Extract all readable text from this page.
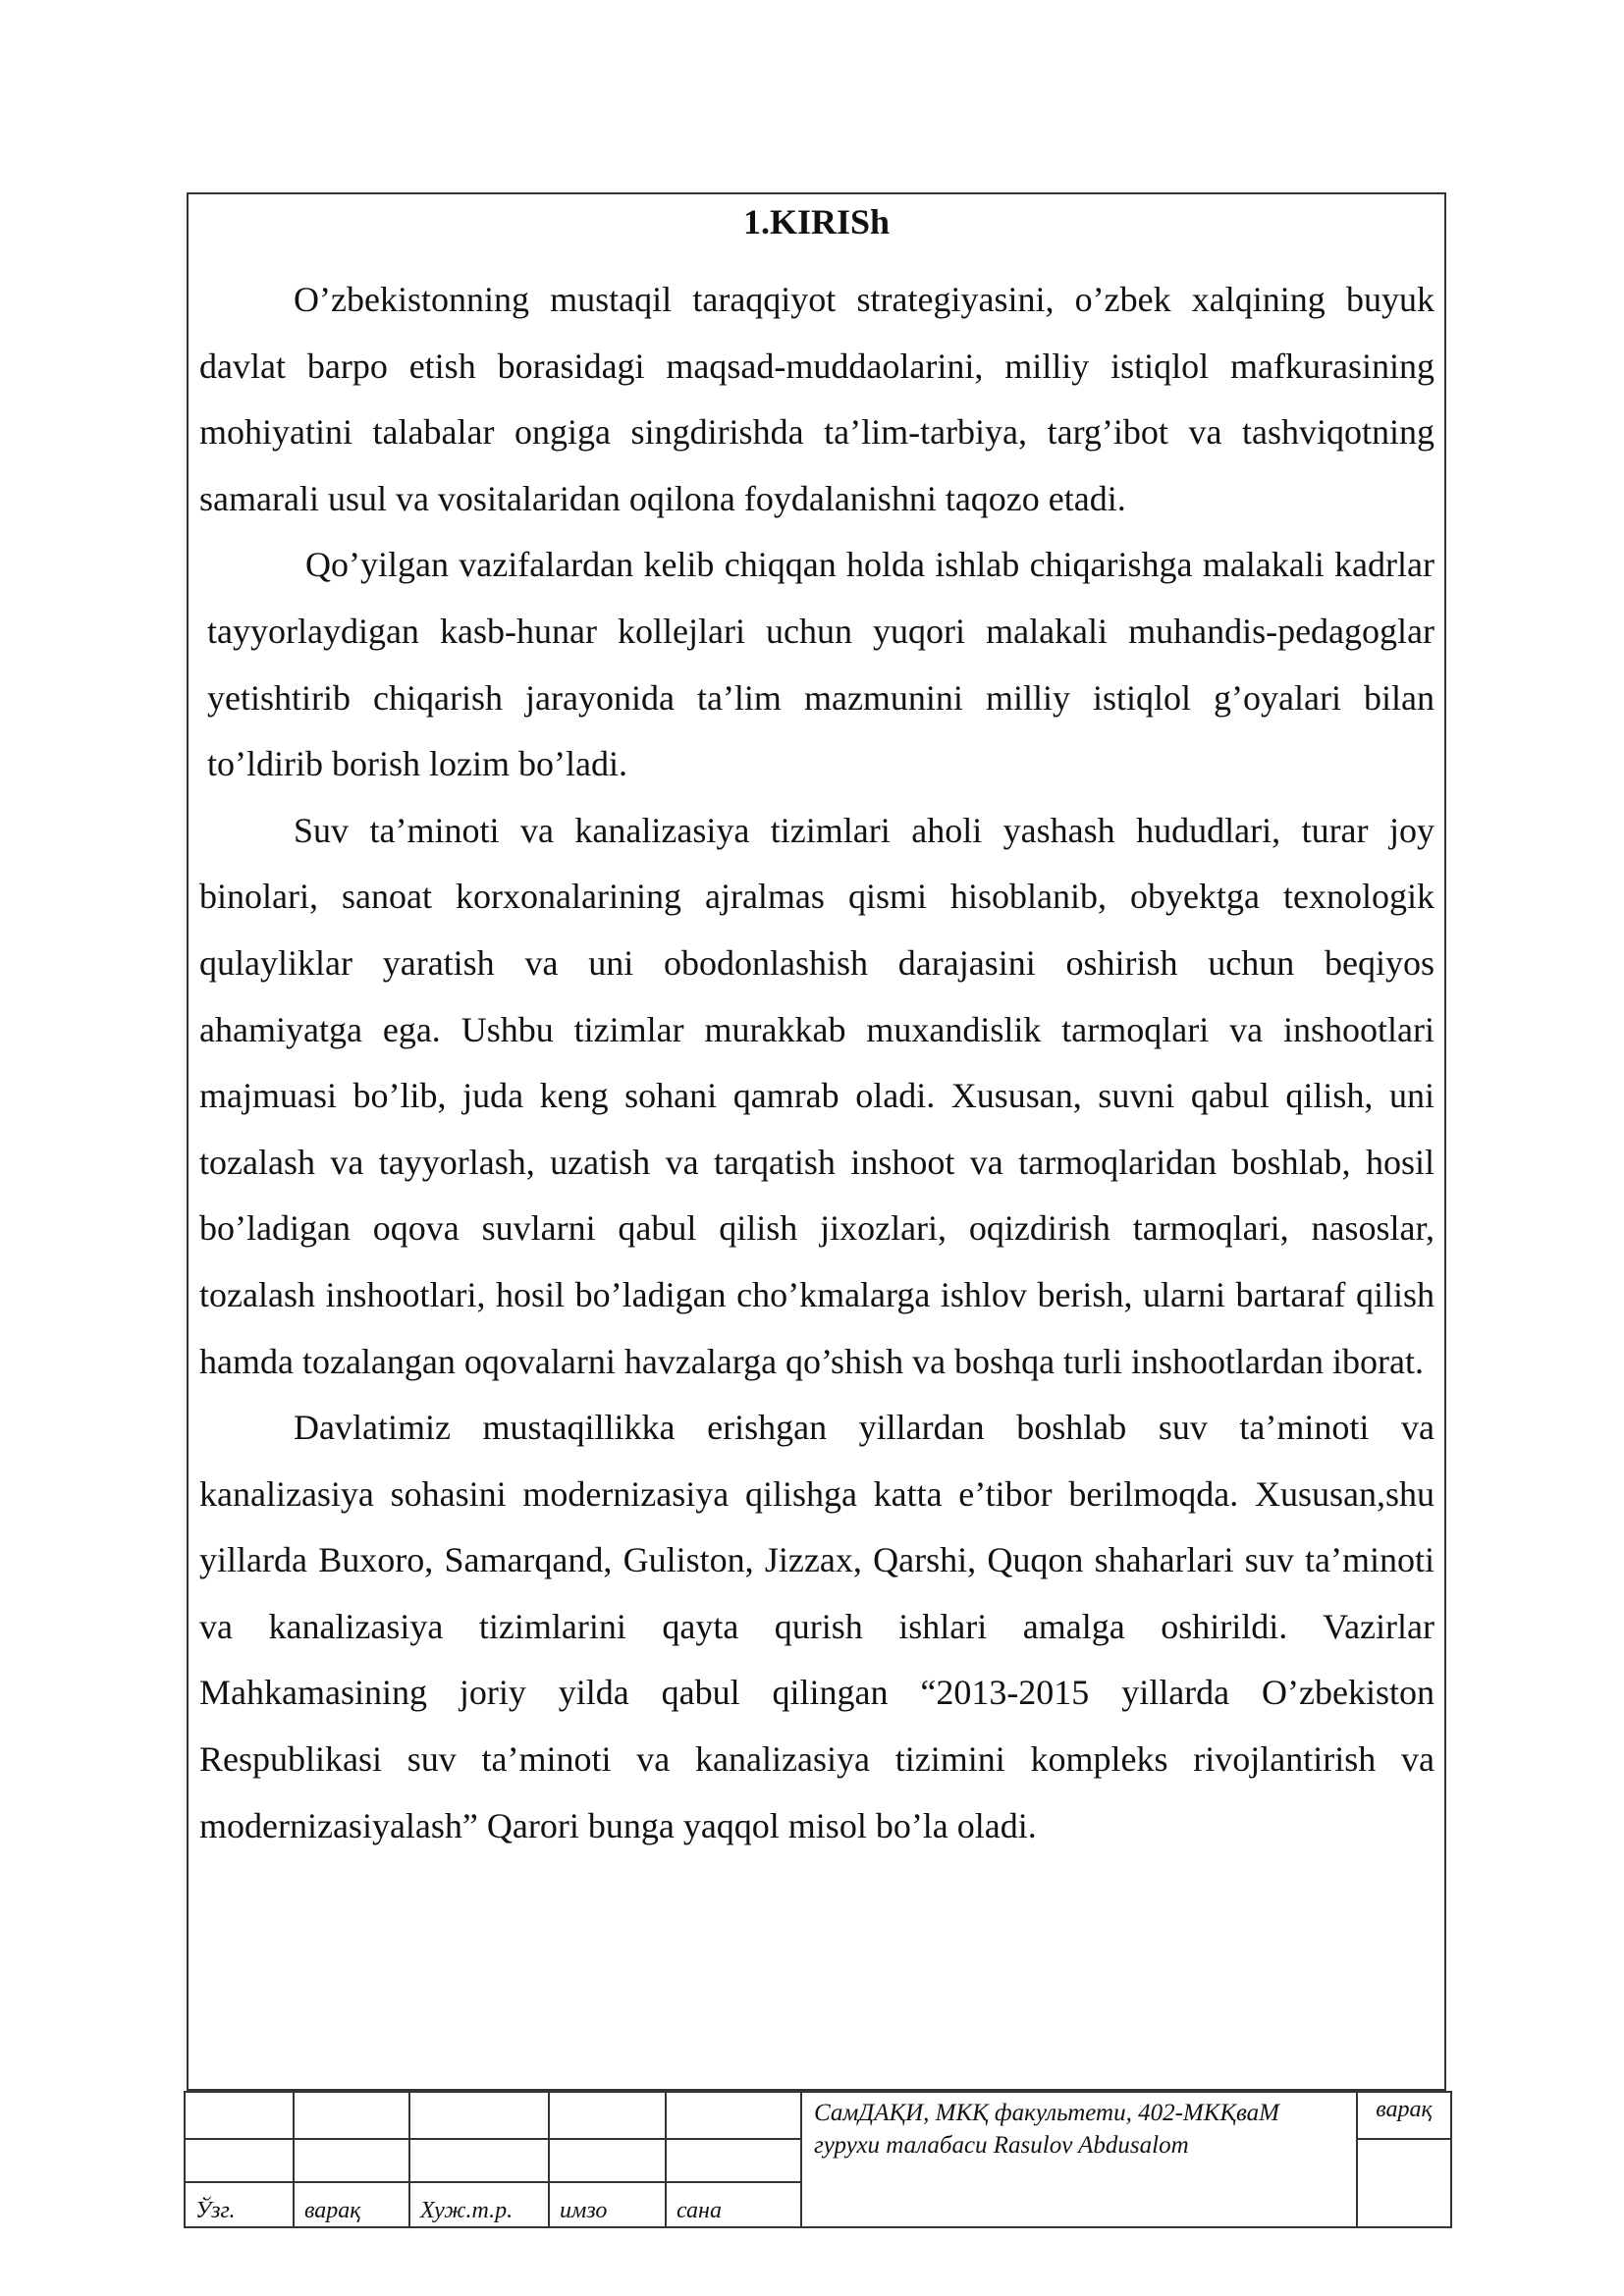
1.KIRISh

O’zbekistonning mustaqil taraqqiyot strategiyasini, o’zbek xalqining buyuk davlat barpo etish borasidagi maqsad-muddaolarini, milliy istiqlol mafkurasining mohiyatini talabalar ongiga singdirishda ta’lim-tarbiya, targ’ibot va tashviqotning samarali usul va vositalaridan oqilona foydalanishni taqozo etadi.

Qo’yilgan vazifalardan kelib chiqqan holda ishlab chiqarishga malakali kadrlar tayyorlaydigan kasb-hunar kollejlari uchun yuqori malakali muhandis-pedagoglar yetishtirib chiqarish jarayonida ta’lim mazmunini milliy istiqlol g’oyalari bilan to’ldirib borish lozim bo’ladi.

Suv ta’minoti va kanalizasiya tizimlari aholi yashash hududlari, turar joy binolari, sanoat korxonalarining ajralmas qismi hisoblanib, obyektga texnologik qulayliklar yaratish va uni obodonlashish darajasini oshirish uchun beqiyos ahamiyatga ega. Ushbu tizimlar murakkab muxandislik tarmoqlari va inshootlari majmuasi bo’lib, juda keng sohani qamrab oladi. Xususan, suvni qabul qilish, uni tozalash va tayyorlash, uzatish va tarqatish inshoot va tarmoqlaridan boshlab, hosil bo’ladigan oqova suvlarni qabul qilish jixozlari, oqizdirish tarmoqlari, nasoslar, tozalash inshootlari, hosil bo’ladigan cho’kmalarga ishlov berish, ularni bartaraf qilish hamda tozalangan oqovalarni havzalarga qo’shish va boshqa turli inshootlardan iborat.

Davlatimiz mustaqillikka erishgan yillardan boshlab suv ta’minoti va kanalizasiya sohasini modernizasiya qilishga katta e’tibor berilmoqda. Xususan,shu yillarda Buxoro, Samarqand, Guliston, Jizzax, Qarshi, Quqon shaharlari suv ta’minoti va kanalizasiya tizimlarini qayta qurish ishlari amalga oshirildi. Vazirlar Mahkamasining joriy yilda qabul qilingan “2013-2015 yillarda O’zbekiston Respublikasi suv ta’minoti va kanalizasiya tizimini kompleks rivojlantirish va modernizasiyalash” Qarori bunga yaqqol misol bo’la oladi.

					СамДАҚИ, МКҚ факультети, 402-МКҚваМ
гурухи талабаси Rasulov Abdusalom	варақ

Ўзг.	варақ	Хуж.т.р.	имзо	сана		
